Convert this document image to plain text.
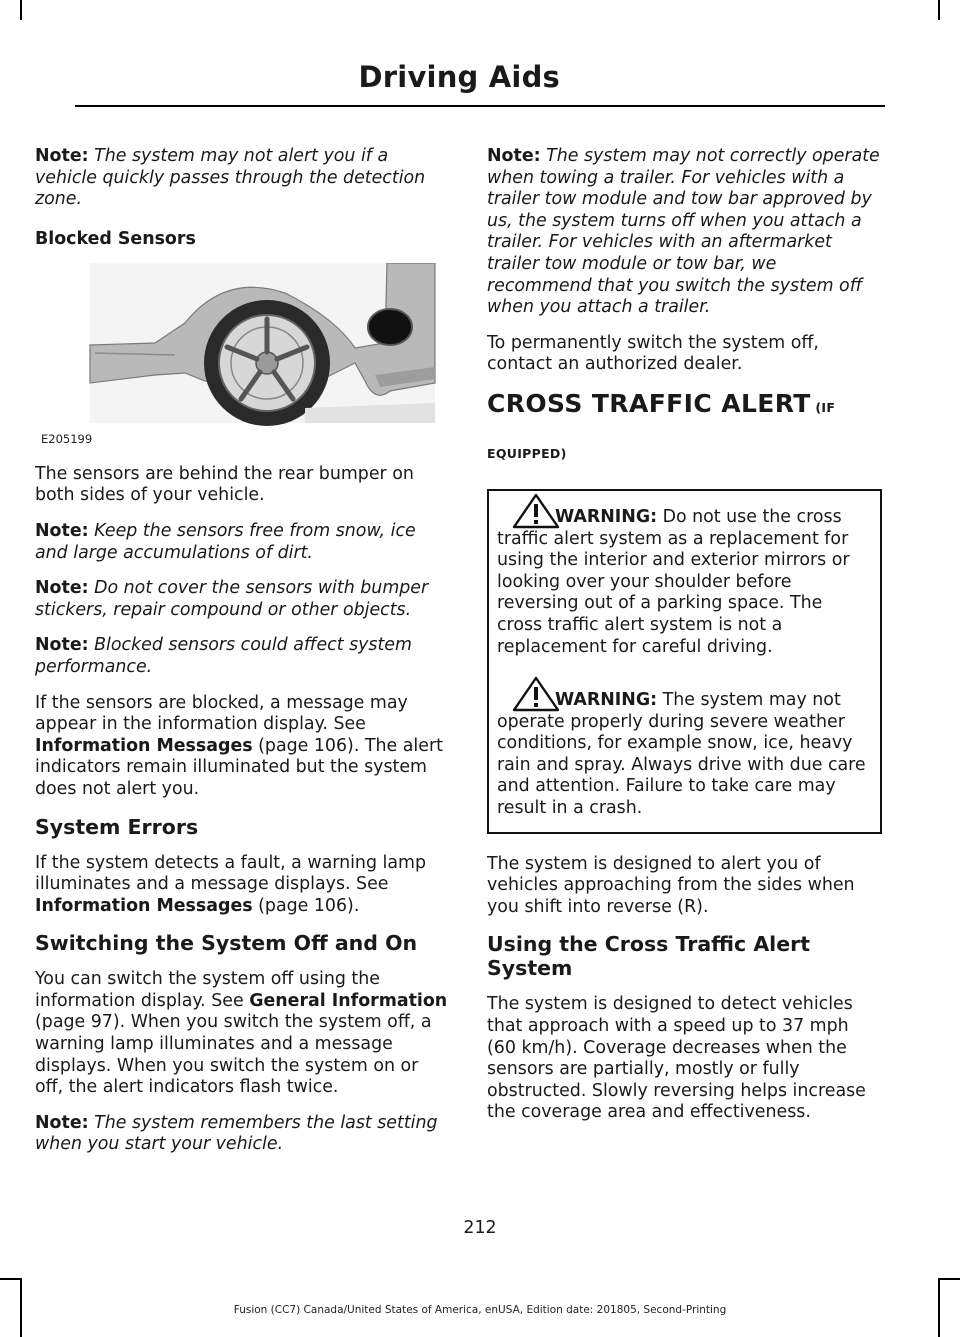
Driving Aids

Note: The system may not alert you if a vehicle quickly passes through the detection zone.

Blocked Sensors
E205199

The sensors are behind the rear bumper on both sides of your vehicle.

Note: Keep the sensors free from snow, ice and large accumulations of dirt.

Note: Do not cover the sensors with bumper stickers, repair compound or other objects.

Note: Blocked sensors could affect system performance.

If the sensors are blocked, a message may appear in the information display. See Information Messages (page 106). The alert indicators remain illuminated but the system does not alert you.

System Errors

If the system detects a fault, a warning lamp illuminates and a message displays. See Information Messages (page 106).

Switching the System Off and On

You can switch the system off using the information display. See General Information (page 97). When you switch the system off, a warning lamp illuminates and a message displays. When you switch the system on or off, the alert indicators flash twice.

Note: The system remembers the last setting when you start your vehicle.

Note: The system may not correctly operate when towing a trailer. For vehicles with a trailer tow module and tow bar approved by us, the system turns off when you attach a trailer. For vehicles with an aftermarket trailer tow module or tow bar, we recommend that you switch the system off when you attach a trailer.

To permanently switch the system off, contact an authorized dealer.

CROSS TRAFFIC ALERT (IF
EQUIPPED)
WARNING: Do not use the cross traffic alert system as a replacement for using the interior and exterior mirrors or looking over your shoulder before reversing out of a parking space. The cross traffic alert system is not a replacement for careful driving.
WARNING: The system may not operate properly during severe weather conditions, for example snow, ice, heavy rain and spray. Always drive with due care and attention. Failure to take care may result in a crash.

The system is designed to alert you of vehicles approaching from the sides when you shift into reverse (R).

Using the Cross Traffic Alert System

The system is designed to detect vehicles that approach with a speed up to 37 mph (60 km/h). Coverage decreases when the sensors are partially, mostly or fully obstructed. Slowly reversing helps increase the coverage area and effectiveness.

212
Fusion (CC7) Canada/United States of America, enUSA, Edition date: 201805, Second-Printing
